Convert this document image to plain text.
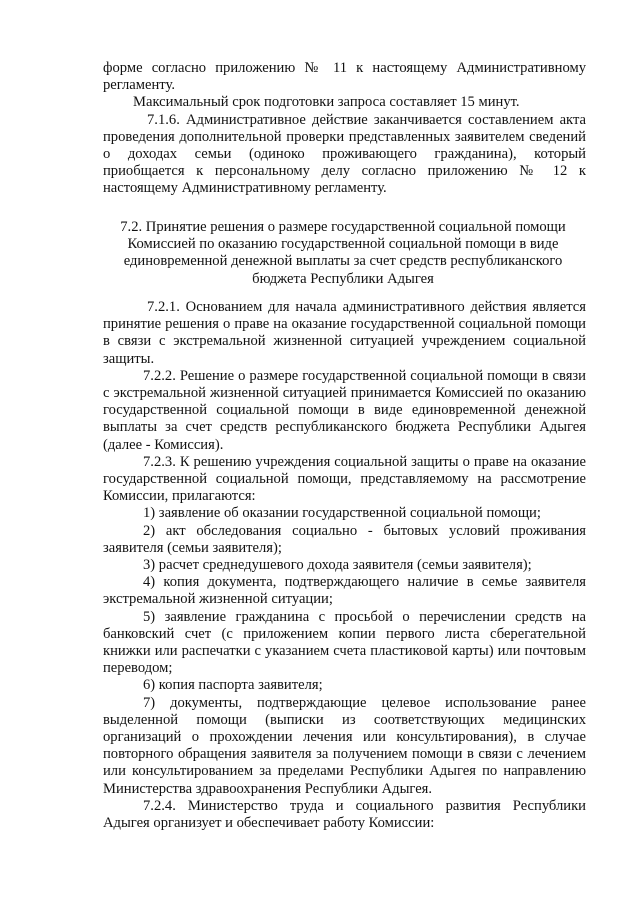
форме согласно приложению № 11 к настоящему Административному регламенту.

Максимальный срок подготовки запроса составляет 15 минут.

7.1.6. Административное действие заканчивается составлением акта проведения дополнительной проверки представленных заявителем сведений о доходах семьи (одиноко проживающего гражданина), который приобщается к персональному делу согласно приложению № 12 к настоящему Административному регламенту.

7.2. Принятие решения о размере государственной социальной помощи Комиссией по оказанию государственной социальной помощи в виде единовременной денежной выплаты за счет средств республиканского бюджета Республики Адыгея

7.2.1. Основанием для начала административного действия является принятие решения о праве на оказание государственной социальной помощи в связи с экстремальной жизненной ситуацией учреждением социальной защиты.

7.2.2. Решение о размере государственной социальной помощи в связи с экстремальной жизненной ситуацией принимается Комиссией по оказанию государственной социальной помощи в виде единовременной денежной выплаты за счет средств республиканского бюджета Республики Адыгея (далее - Комиссия).

7.2.3. К решению учреждения социальной защиты о праве на оказание государственной социальной помощи, представляемому на рассмотрение Комиссии, прилагаются:

1) заявление об оказании государственной социальной помощи;

2) акт обследования социально - бытовых условий проживания заявителя (семьи заявителя);

3) расчет среднедушевого дохода заявителя (семьи заявителя);

4) копия документа, подтверждающего наличие в семье заявителя экстремальной жизненной ситуации;

5) заявление гражданина с просьбой о перечислении средств на банковский счет (с приложением копии первого листа сберегательной книжки или распечатки с указанием счета пластиковой карты) или почтовым переводом;

6) копия паспорта заявителя;

7) документы, подтверждающие целевое использование ранее выделенной помощи (выписки из соответствующих медицинских организаций о прохождении лечения или консультирования), в случае повторного обращения заявителя за получением помощи в связи с лечением или консультированием за пределами Республики Адыгея по направлению Министерства здравоохранения Республики Адыгея.

7.2.4. Министерство труда и социального развития Республики Адыгея организует и обеспечивает работу Комиссии:
